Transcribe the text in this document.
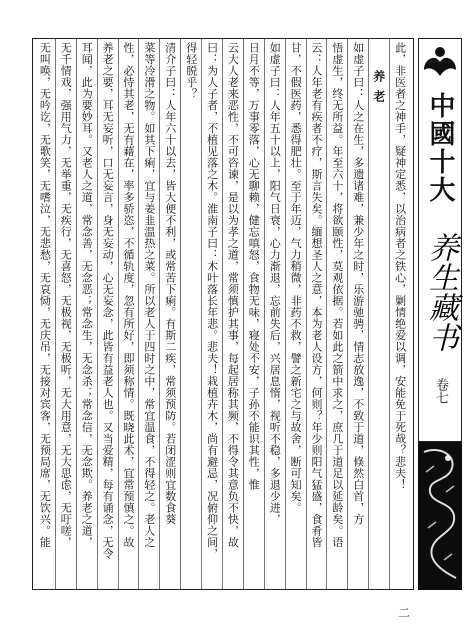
此，非医者之神手，疑神定悉，以治病者之铁心，剿情绝爱以调，安能免于死哉？悲夫！
养老
如虚子曰：人之在生，多遗诸难，兼少年之时，乐游驰骋，情志放逸，不致于道，倏然白首，方
悟虚生，终无所益。年至六十，将欲颐性，莫观依据。若如此之箭中求之，庶几于道足以延龄矣。语
云：人年老有疾者不疗，斯言失矣。缅想圣人之意，本为老人设方，何则？年少则阳气猛盛，食肴皆
甘，不假医药，悉得肥壮。至于年迈，气力稍微，非药不救，譬之新宅之与故舍，断可知矣。
如虚子曰：人年五十以上，阳气日衰，心力渐退，忘前失后，兴居息惰，视听不稳，多退少进，
日月不等，万事零落，心无聊赖，健忘嗔怒，食物无味，寝处不安，子孙不能识其性，惟
云大人老来恶性，不可咨谏，是以为孝之道，常须慎护其事，每起居称其频，不得令其意负不快，故
曰：为人子者，不植见落之木。淮南子曰：木叶落长年悲。悲夫！栽植卉木，尚有避忌，况俯仰之间，
得轻脱乎？
清介子曰：人年六十以去，皆大便不利，或常苦下痢。有斯二疾，常须预防。若闭涩则宜数食葵
菜等冷滑之物。如其下痢，宜与姜韭温热之菜。所以老人于四时之中，常宜温食，不得轻之。老人之
性，必恃其老，无有藉在，率多骄恣，不循轨度，忽有所好，即须称情。既晓此术，宜常预慎之。故
养老之要，耳无妄听，口无妄言，身无妄动，心无妄念，此皆有益老人也。又当爱精，每有诵念，无令
耳闻，此为要妙耳。又老人之道，常念善，无念恶；常念生，无念杀；常念信，无念欺。养老之道，
无千情戏，强用气力，无举重，无疾行，无喜怒，无极视，无极听，无大用意，无大思虑，无吁嗟，
无叫唤，无吟讫，无歌笑，无嗜泣，无悲愁，无哀恸，无庆吊，无接对宾客，无预局席，无饮兴。能	中國十大
养生藏书
卷七
二
